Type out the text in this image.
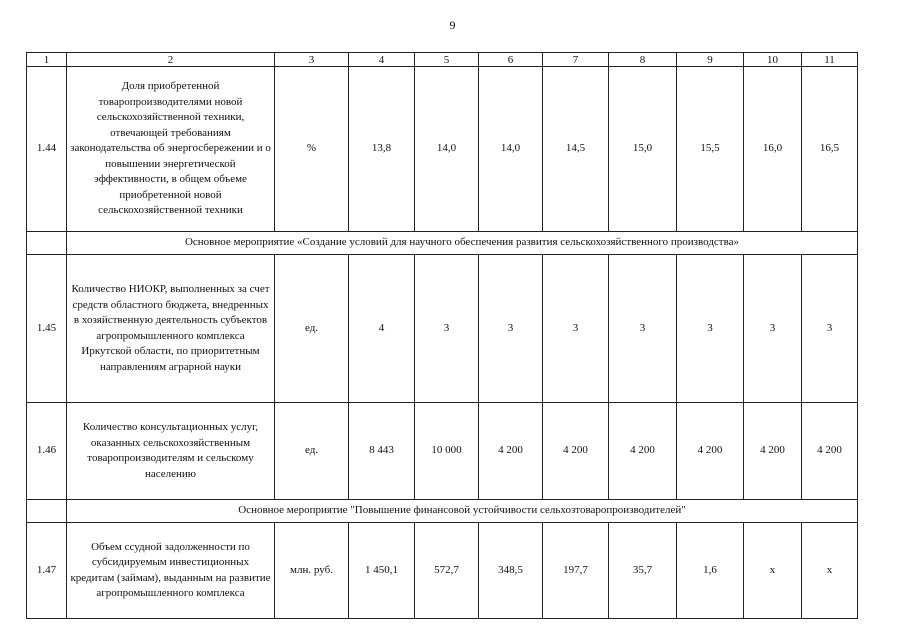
9
1	2	3	4	5	6	7	8	9	10	11
1.44	Доля приобретенной товаропроизводителями новой сельскохозяйственной техники, отвечающей требованиям законодательства об энергосбережении и о повышении энергетической эффективности, в общем объеме приобретенной новой сельскохозяйственной техники	%	13,8	14,0	14,0	14,5	15,0	15,5	16,0	16,5
	Основное мероприятие «Создание условий для научного обеспечения развития сельскохозяйственного производства»									
1.45	Количество НИОКР, выполненных за счет средств областного бюджета, внедренных в хозяйственную деятельность субъектов агропромышленного комплекса Иркутской области, по приоритетным направлениям аграрной науки	ед.	4	3	3	3	3	3	3	3
1.46	Количество консультационных услуг, оказанных сельскохозяйственным товаропроизводителям и сельскому населению	ед.	8 443	10 000	4 200	4 200	4 200	4 200	4 200	4 200
	Основное мероприятие "Повышение финансовой устойчивости сельхозтоваропроизводителей"									
1.47	Объем ссудной задолженности по субсидируемым инвестиционных кредитам (займам), выданным на развитие агропромышленного комплекса	млн. руб.	1 450,1	572,7	348,5	197,7	35,7	1,6	х	х
